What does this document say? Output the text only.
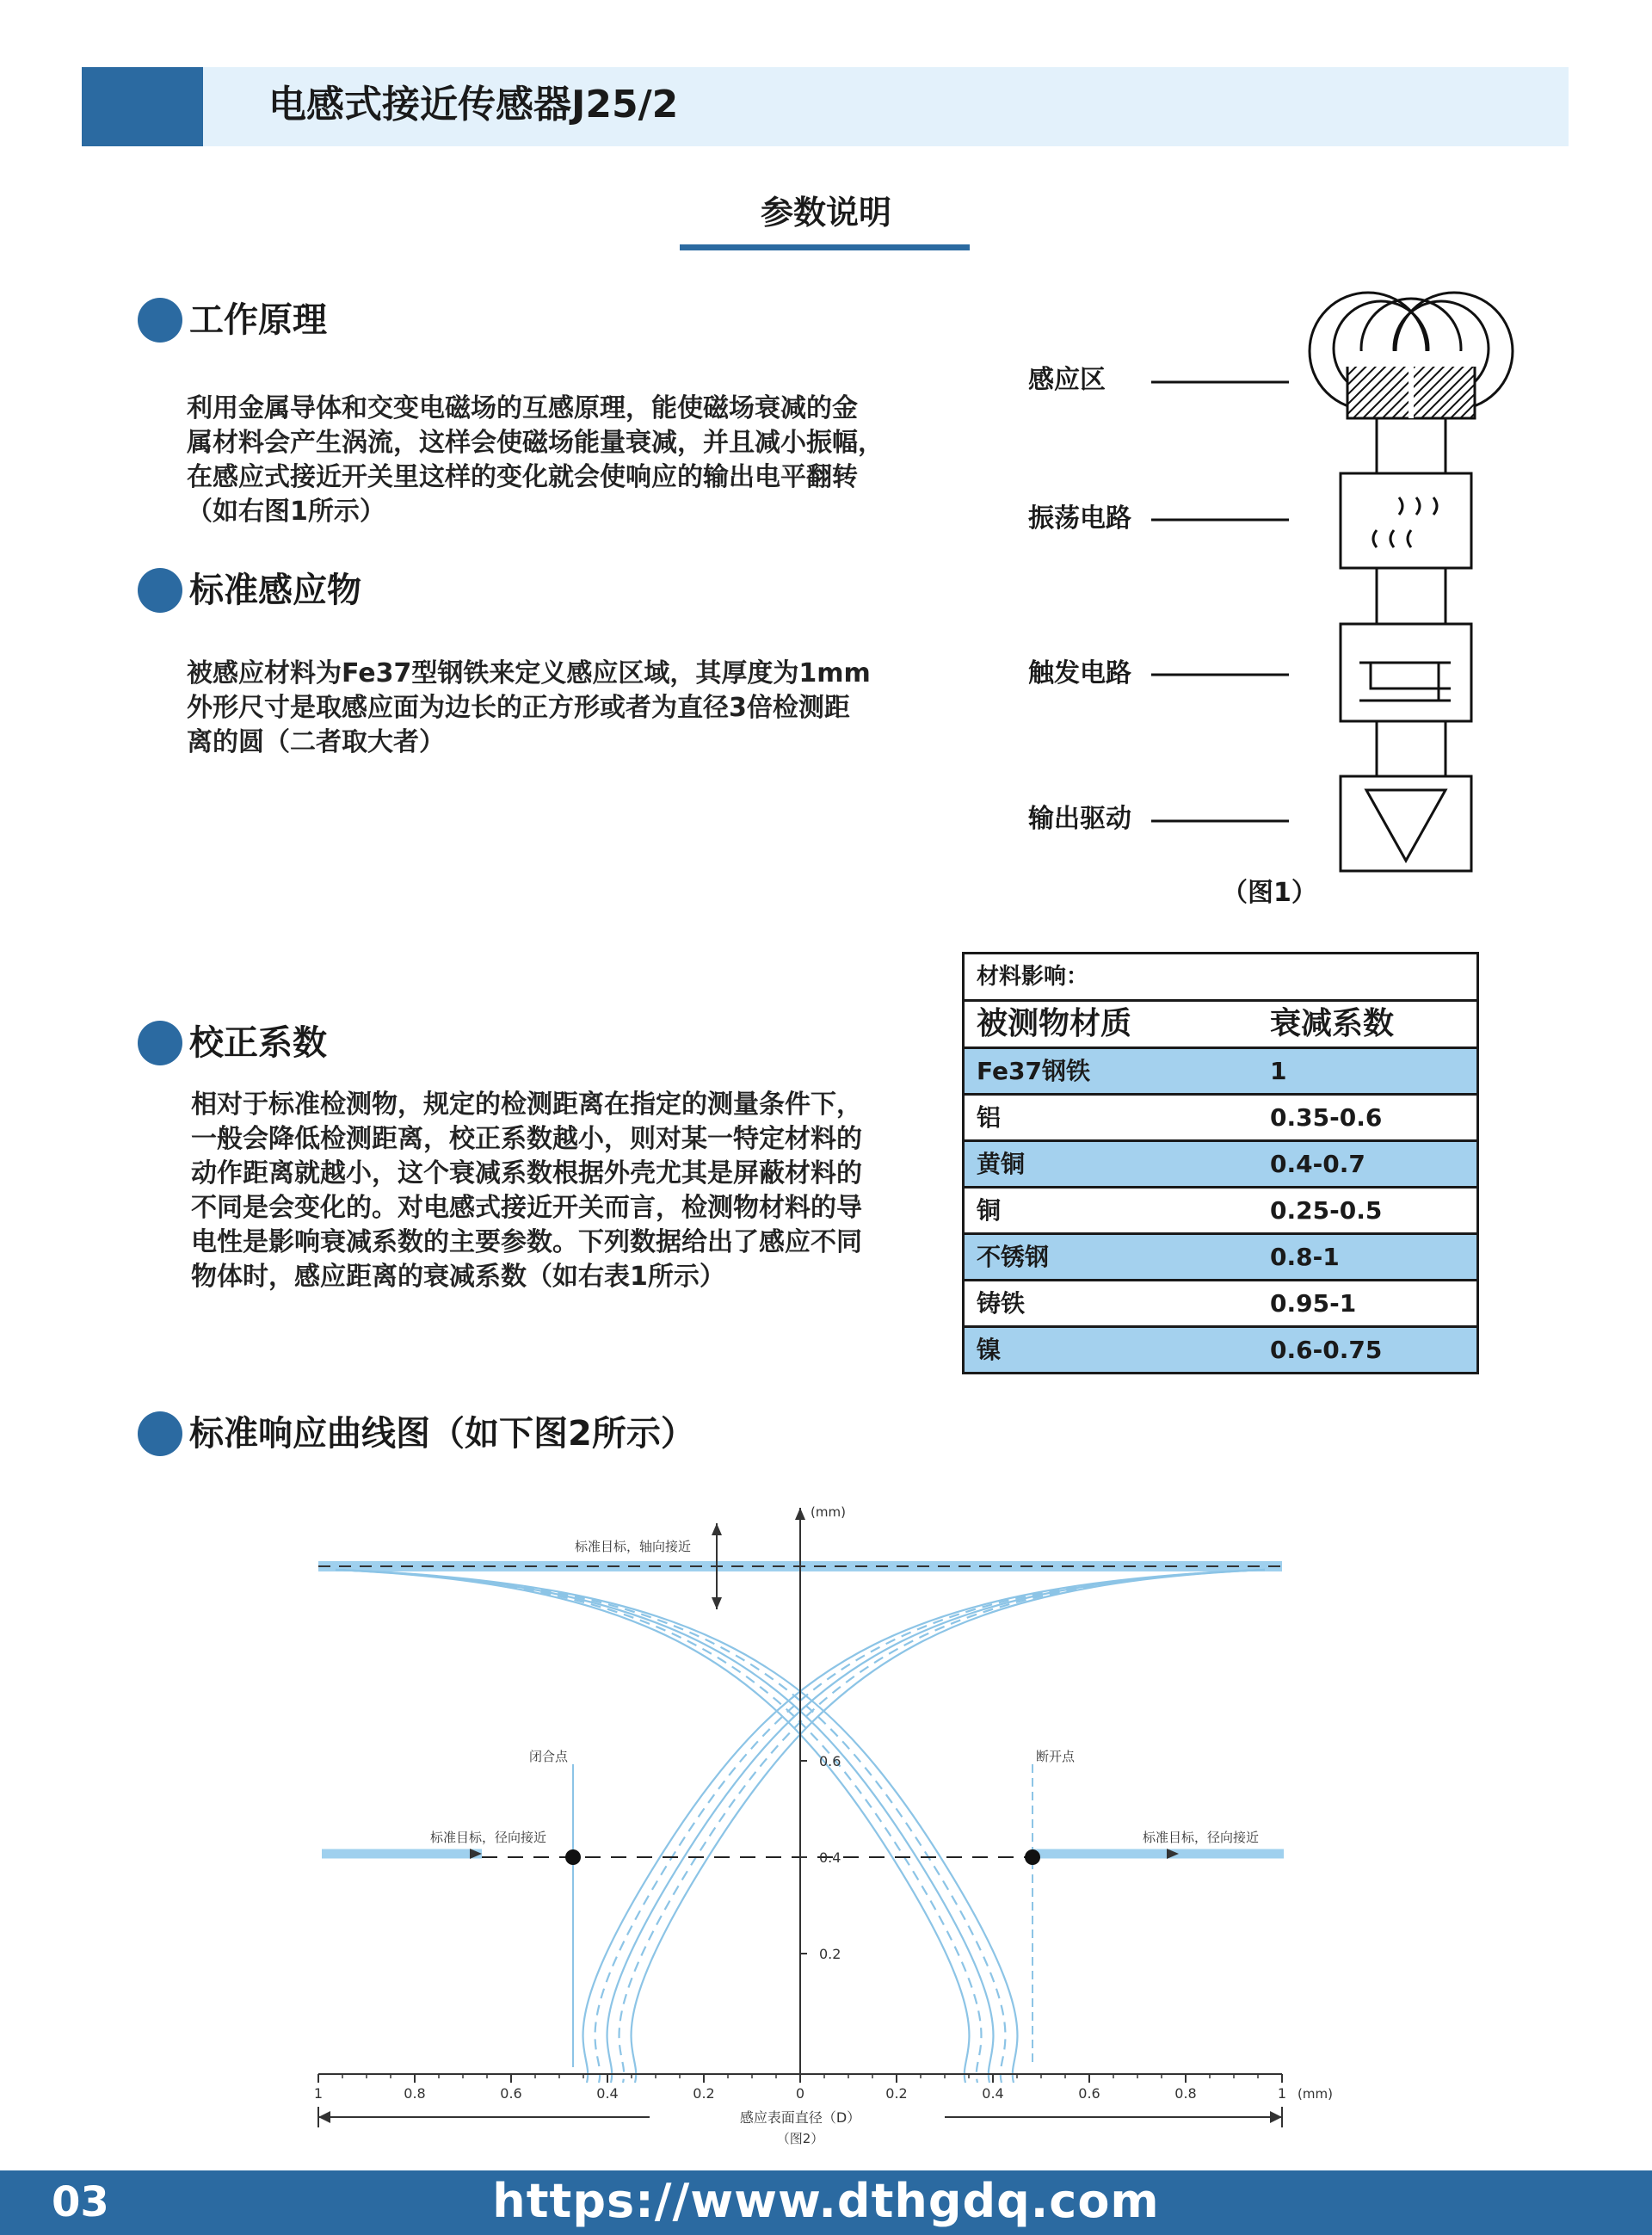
电感式接近传感器J25/2
参数说明
工作原理
利用金属导体和交变电磁场的互感原理，能使磁场衰减的金
属材料会产生涡流，这样会使磁场能量衰减，并且减小振幅，
在感应式接近开关里这样的变化就会使响应的输出电平翻转
（如右图1所示）
标准感应物
被感应材料为Fe37型钢铁来定义感应区域，其厚度为1mm
外形尺寸是取感应面为边长的正方形或者为直径3倍检测距
离的圆（二者取大者）
感应区
振荡电路
触发电路
输出驱动
（图1）
校正系数
相对于标准检测物，规定的检测距离在指定的测量条件下，
一般会降低检测距离，校正系数越小，则对某一特定材料的
动作距离就越小，这个衰减系数根据外壳尤其是屏蔽材料的
不同是会变化的。对电感式接近开关而言，检测物材料的导
电性是影响衰减系数的主要参数。下列数据给出了感应不同
物体时，感应距离的衰减系数（如右表1所示）
材料影响：
被测物材质	衰减系数
Fe37钢铁	1
铝	0.35-0.6
黄铜	0.4-0.7
铜	0.25-0.5
不锈钢	0.8-1
铸铁	0.95-1
镍	0.6-0.75
标准响应曲线图（如下图2所示）
(mm)
0.6
0.4
0.2
1	0.8	0.6	0.4	0.2	0	0.2	0.4	0.6	0.8	1 (mm)
感应表面直径（D）
（图2）
标准目标，轴向接近
标准目标，径向接近	标准目标，径向接近
闭合点	断开点
03	https://www.dthgdq.com
